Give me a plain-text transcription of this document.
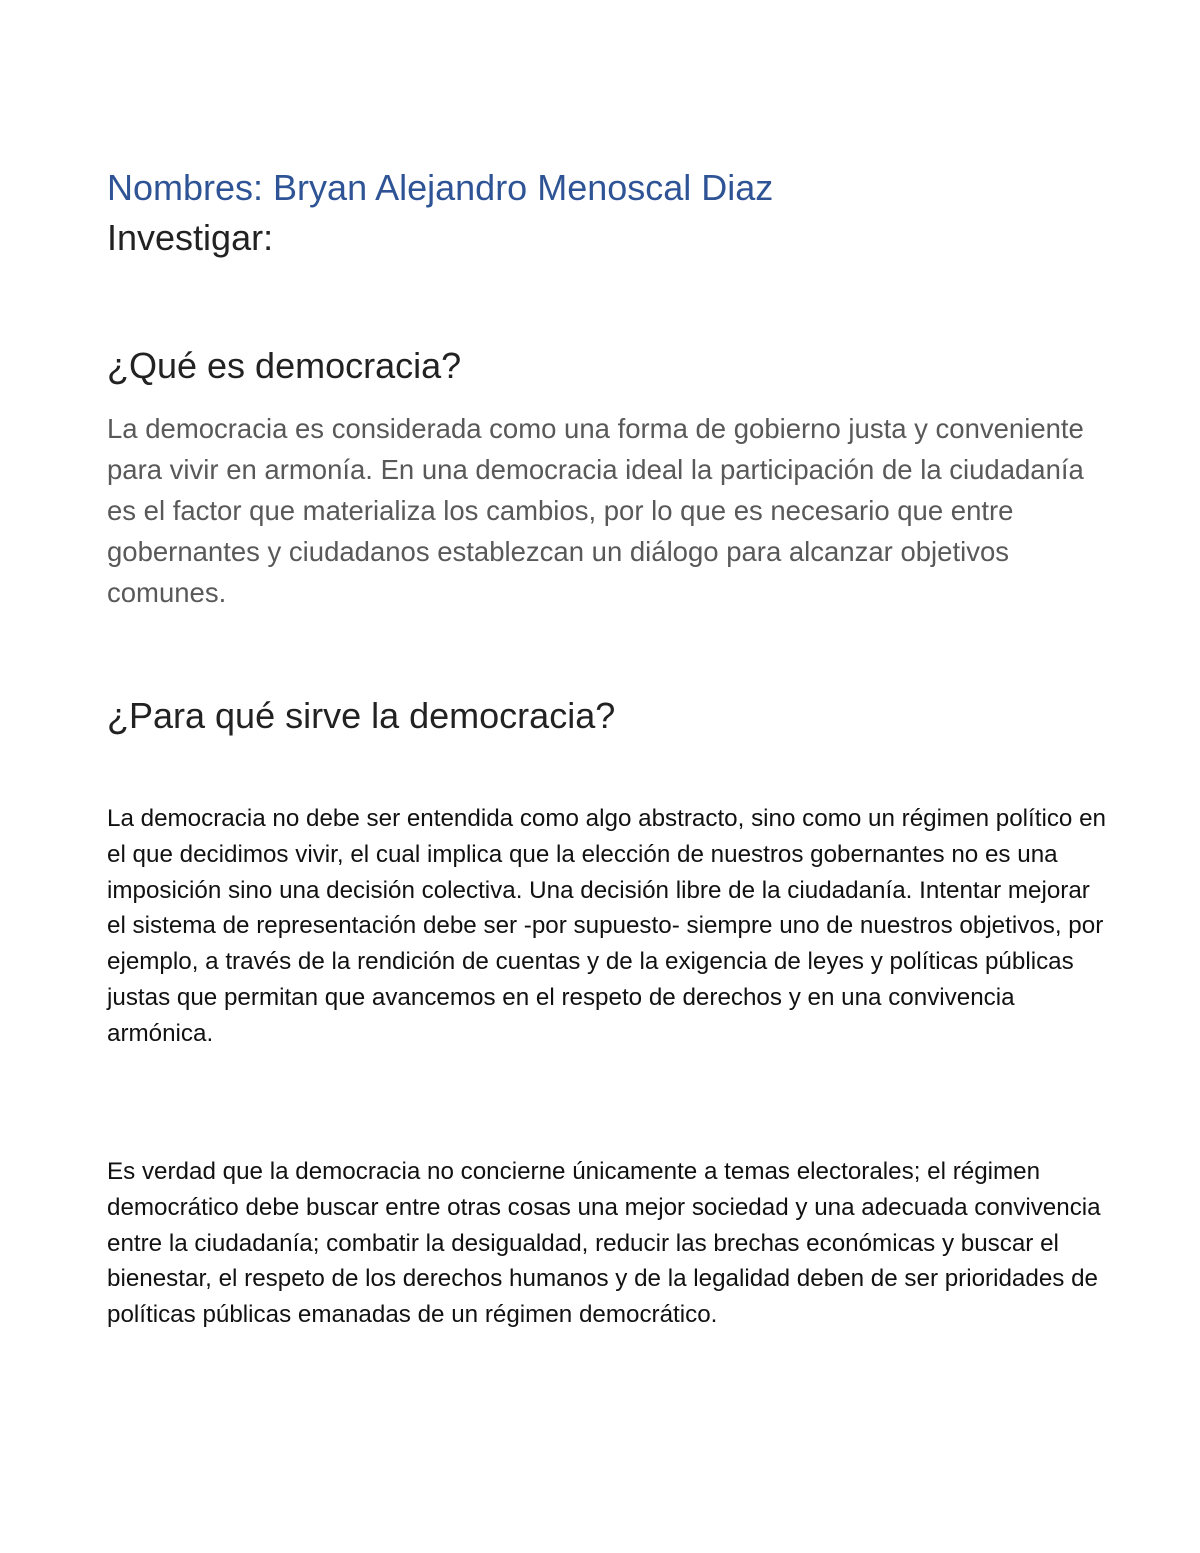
Nombres: Bryan Alejandro Menoscal Diaz
Investigar:
¿Qué es democracia?

La democracia es considerada como una forma de gobierno justa y conveniente para vivir en armonía. En una democracia ideal la participación de la ciudadanía es el factor que materializa los cambios, por lo que es necesario que entre gobernantes y ciudadanos establezcan un diálogo para alcanzar objetivos comunes.

¿Para qué sirve la democracia?

La democracia no debe ser entendida como algo abstracto, sino como un régimen político en el que decidimos vivir, el cual implica que la elección de nuestros gobernantes no es una imposición sino una decisión colectiva. Una decisión libre de la ciudadanía. Intentar mejorar el sistema de representación debe ser -por supuesto- siempre uno de nuestros objetivos, por ejemplo, a través de la rendición de cuentas y de la exigencia de leyes y políticas públicas justas que permitan que avancemos en el respeto de derechos y en una convivencia armónica.

Es verdad que la democracia no concierne únicamente a temas electorales; el régimen democrático debe buscar entre otras cosas una mejor sociedad y una adecuada convivencia entre la ciudadanía; combatir la desigualdad, reducir las brechas económicas y buscar el bienestar, el respeto de los derechos humanos y de la legalidad deben de ser prioridades de políticas públicas emanadas de un régimen democrático.
